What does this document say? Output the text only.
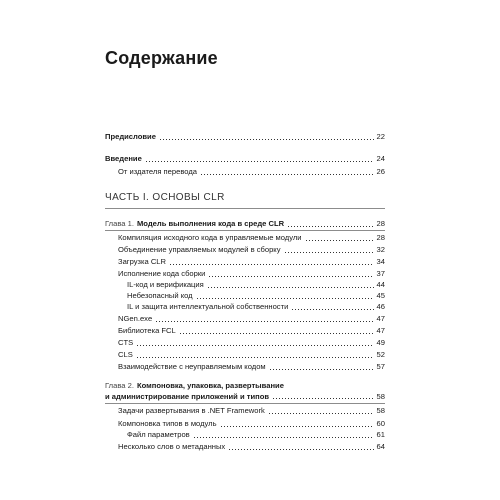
Содержание
Предисловие	22
Введение	24
От издателя перевода	26
ЧАСТЬ I. ОСНОВЫ CLR
Глава 1. Модель выполнения кода в среде CLR	28
Компиляция исходного кода в управляемые модули	28
Объединение управляемых модулей в сборку	32
Загрузка CLR	34
Исполнение кода сборки	37
IL-код и верификация	44
Небезопасный код	45
IL и защита интеллектуальной собственности	46
NGen.exe	47
Библиотека FCL	47
CTS	49
CLS	52
Взаимодействие с неуправляемым кодом	57
Глава 2. Компоновка, упаковка, развертывание
и администрирование приложений и типов	58
Задачи развертывания в .NET Framework	58
Компоновка типов в модуль	60
Файл параметров	61
Несколько слов о метаданных	64
